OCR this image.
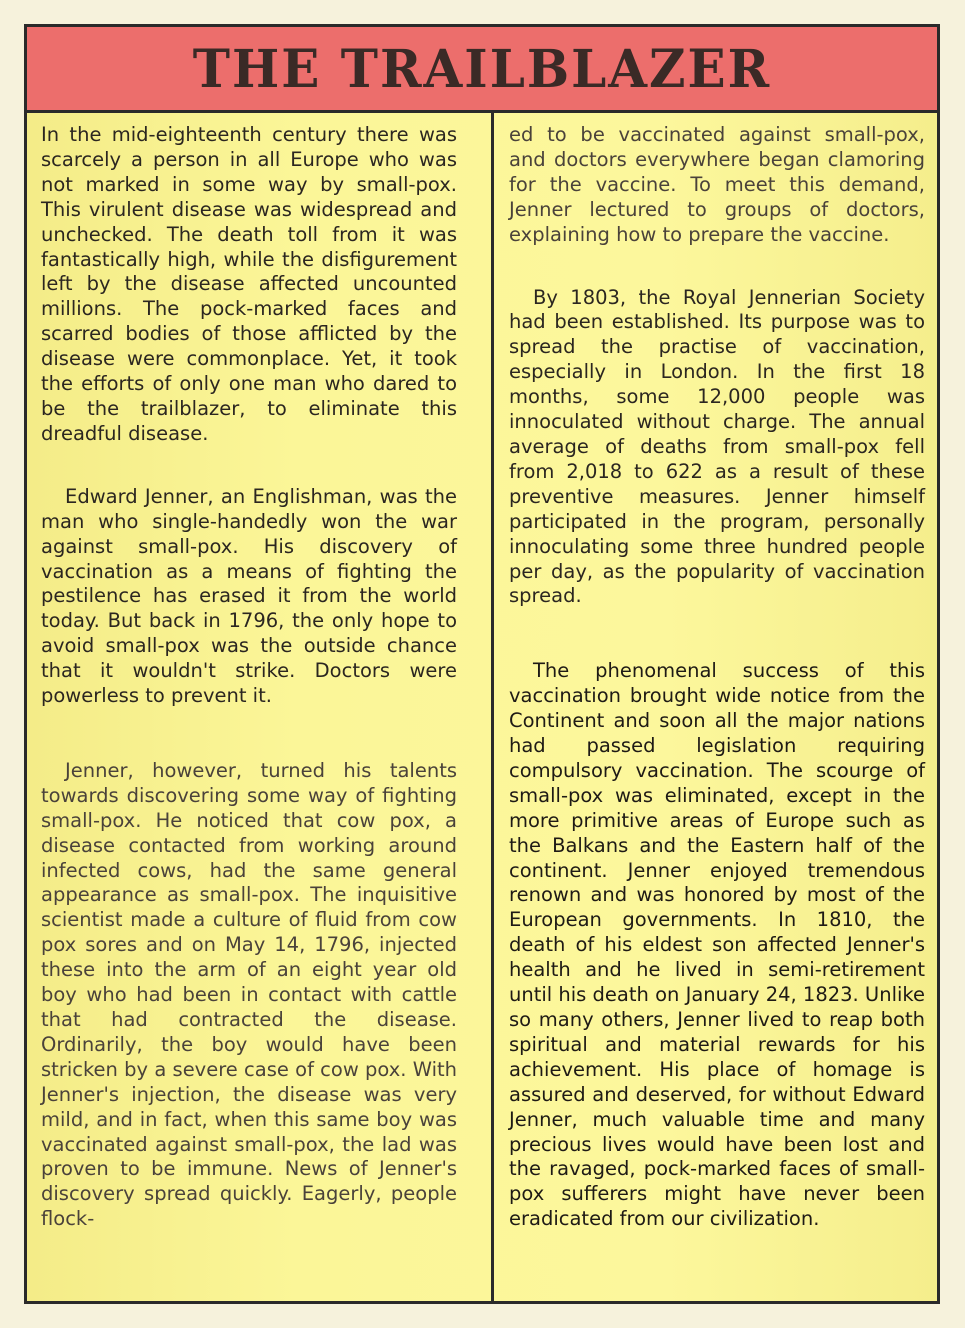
THE TRAILBLAZER

In the mid-eighteenth century there was scarcely a person in all Europe who was not marked in some way by small-pox. This virulent disease was widespread and unchecked. The death toll from it was fantastically high, while the disfigurement left by the disease affected uncounted millions. The pock-marked faces and scarred bodies of those afflicted by the disease were commonplace. Yet, it took the efforts of only one man who dared to be the trailblazer, to eliminate this dreadful disease.

Edward Jenner, an Englishman, was the man who single-handedly won the war against small-pox. His discovery of vaccination as a means of fighting the pestilence has erased it from the world today. But back in 1796, the only hope to avoid small-pox was the outside chance that it wouldn't strike. Doctors were powerless to prevent it.

Jenner, however, turned his talents towards discovering some way of fighting small-pox. He noticed that cow pox, a disease contacted from working around infected cows, had the same general appearance as small-pox. The inquisitive scientist made a culture of fluid from cow pox sores and on May 14, 1796, injected these into the arm of an eight year old boy who had been in contact with cattle that had contracted the disease. Ordinarily, the boy would have been stricken by a severe case of cow pox. With Jenner's injection, the disease was very mild, and in fact, when this same boy was vaccinated against small-pox, the lad was proven to be immune. News of Jenner's discovery spread quickly. Eagerly, people flock-

ed to be vaccinated against small-pox, and doctors everywhere began clamoring for the vaccine. To meet this demand, Jenner lectured to groups of doctors, explaining how to prepare the vaccine.

By 1803, the Royal Jennerian Society had been established. Its purpose was to spread the practise of vaccination, especially in London. In the first 18 months, some 12,000 people was innoculated without charge. The annual average of deaths from small-pox fell from 2,018 to 622 as a result of these preventive measures. Jenner himself participated in the program, personally innoculating some three hundred people per day, as the popularity of vaccination spread.

The phenomenal success of this vaccination brought wide notice from the Continent and soon all the major nations had passed legislation requiring compulsory vaccination. The scourge of small-pox was eliminated, except in the more primitive areas of Europe such as the Balkans and the Eastern half of the continent. Jenner enjoyed tremendous renown and was honored by most of the European governments. In 1810, the death of his eldest son affected Jenner's health and he lived in semi-retirement until his death on January 24, 1823. Unlike so many others, Jenner lived to reap both spiritual and material rewards for his achievement. His place of homage is assured and deserved, for without Edward Jenner, much valuable time and many precious lives would have been lost and the ravaged, pock-marked faces of small-pox sufferers might have never been eradicated from our civilization.
